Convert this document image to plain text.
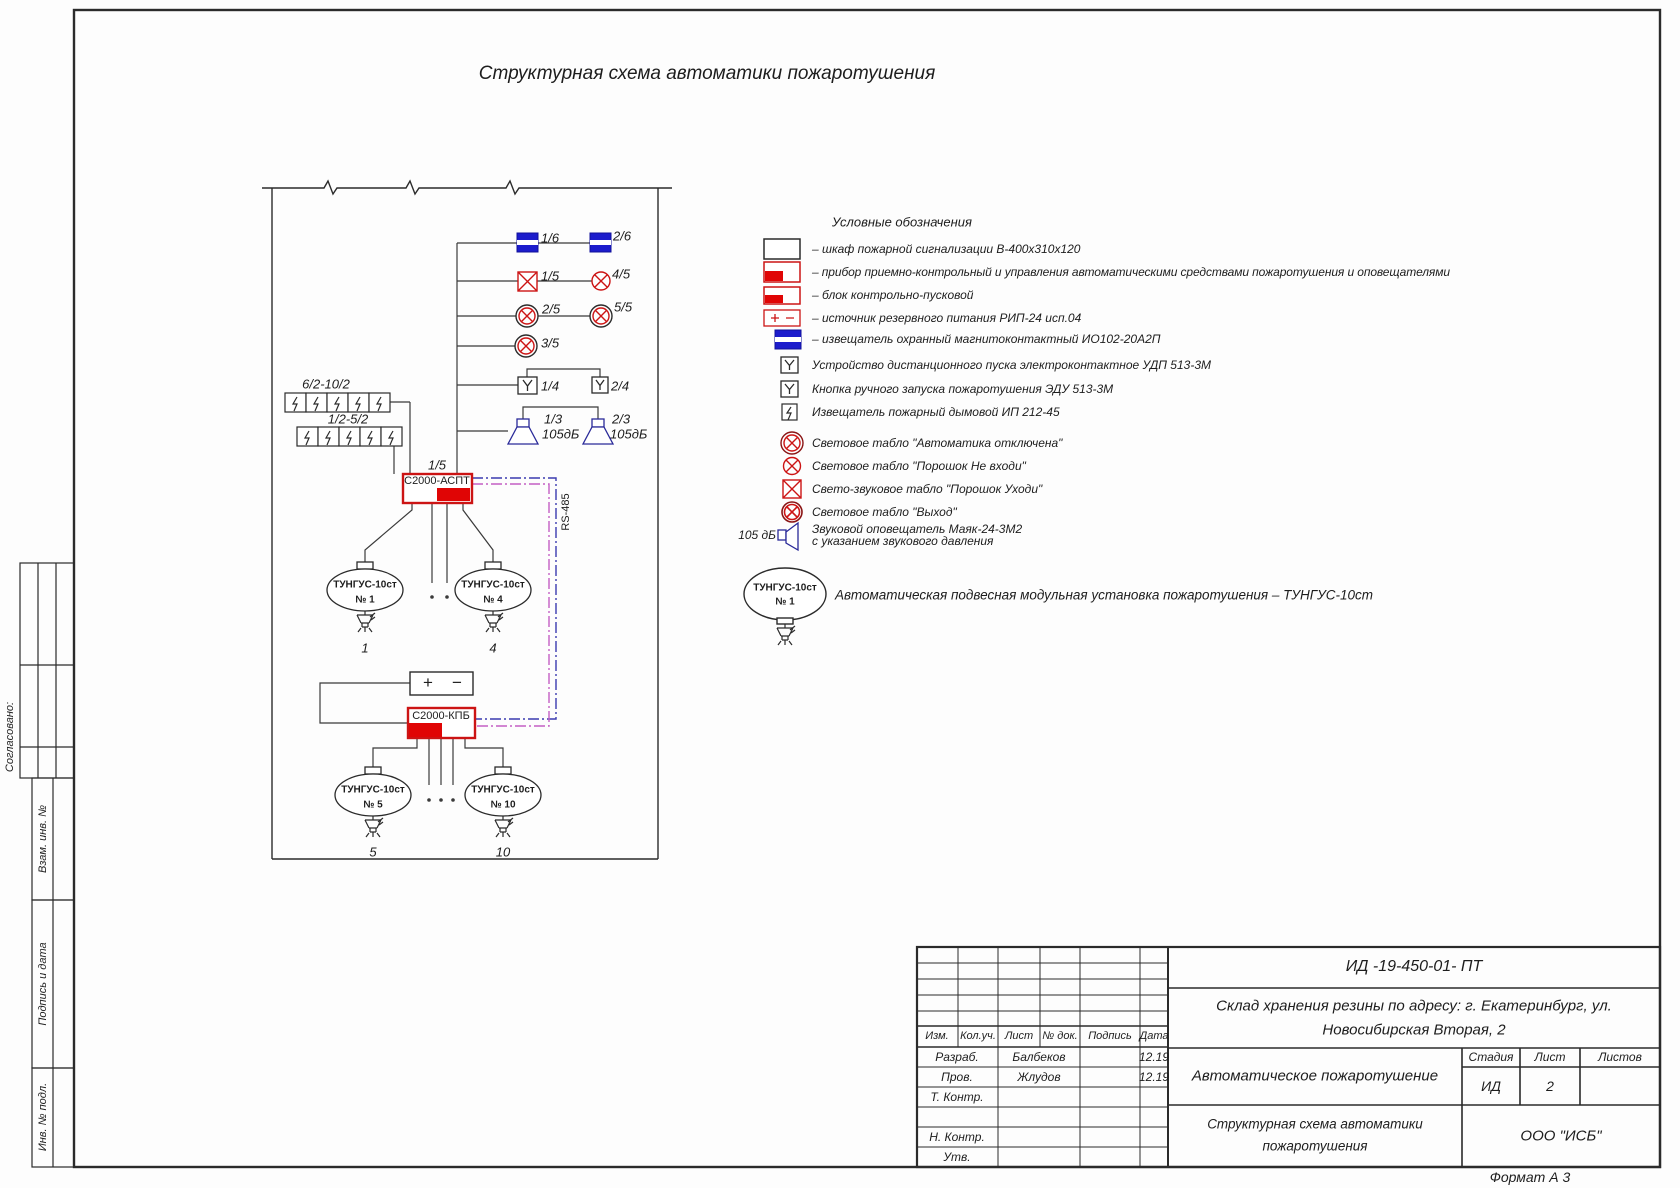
Структурная схема автоматики пожаротушения
6/2-10/2
1/2-5/2
1/6	2/6
1/5	4/5
2/5	5/5
3/5
1/4	2/4
1/3
105дБ
2/3
105дБ
1/5
С2000-АСПТ
RS-485
+ −
С2000-КПБ
ТУНГУС-10ст
№ 1
ТУНГУС-10ст
№ 4
ТУНГУС-10ст
№ 5
ТУНГУС-10ст
№ 10
1	4
5	10
Условные обозначения
– шкаф пожарной сигнализации В-400х310х120
– прибор приемно-контрольный и управления автоматическими средствами пожаротушения и оповещателями
– блок контрольно-пусковой
– источник резервного питания РИП-24 исп.04
– извещатель охранный магнитоконтактный ИО102-20А2П
Устройство дистанционного пуска электроконтактное УДП 513-3М
Кнопка ручного запуска пожаротушения ЭДУ 513-3М
Извещатель пожарный дымовой ИП 212-45
Световое табло "Автоматика отключена"
Световое табло "Порошок Не входи"
Свето-звуковое табло "Порошок Уходи"
Световое табло "Выход"
105 дБ	Звуковой оповещатель Маяк-24-3М2
с указанием звукового давления
ТУНГУС-10ст
№ 1	Автоматическая подвесная модульная установка пожаротушения – ТУНГУС-10ст
ИД -19-450-01- ПТ
Склад хранения резины по адресу: г. Екатеринбург, ул.
Новосибирская Вторая, 2
Автоматическое пожаротушение
Структурная схема автоматики
пожаротушения
ООО "ИСБ"
Стадия Лист	Листов
ИД	2
Изм. Кол.уч. Лист № док. Подпись Дата
Разраб.	Балбеков	12.19
Пров.	Жлудов	12.19
Т. Контр.
Н. Контр.
Утв.
Формат А 3
Согласовано:
Взам. инв. №
Подпись и дата
Инв. № подл.
